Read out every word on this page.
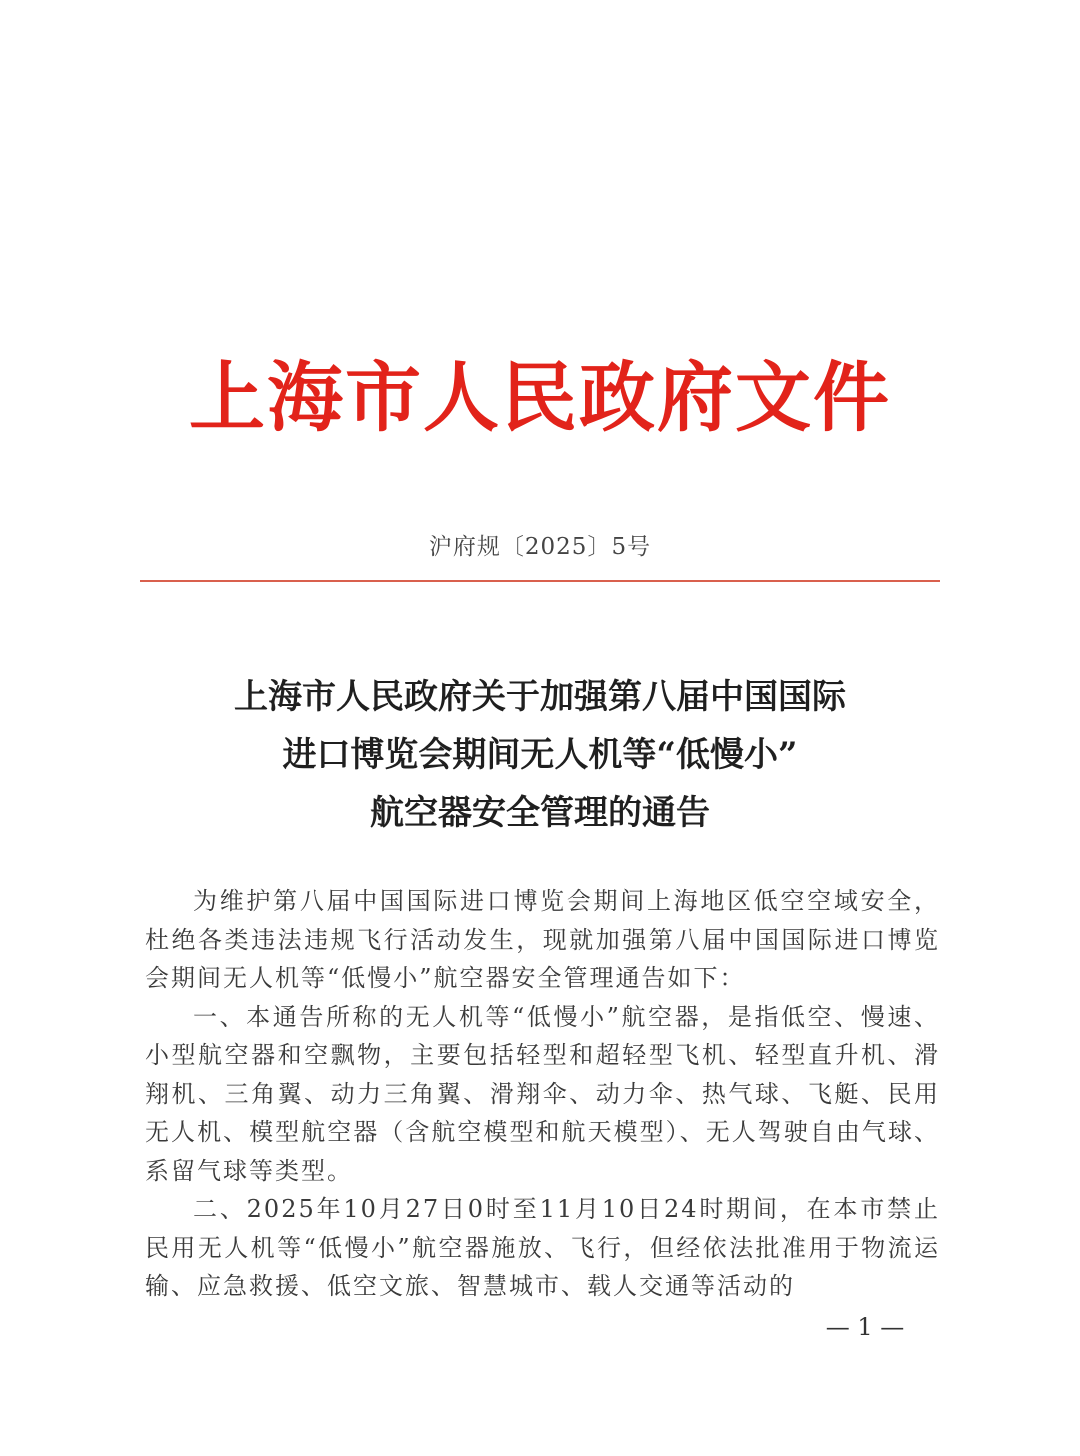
上海市人民政府文件
沪府规〔2025〕5号
上海市人民政府关于加强第八届中国国际
进口博览会期间无人机等“低慢小”
航空器安全管理的通告

为维护第八届中国国际进口博览会期间上海地区低空空域安全，杜绝各类违法违规飞行活动发生，现就加强第八届中国国际进口博览会期间无人机等“低慢小”航空器安全管理通告如下：

一、本通告所称的无人机等“低慢小”航空器，是指低空、慢速、小型航空器和空飘物，主要包括轻型和超轻型飞机、轻型直升机、滑翔机、三角翼、动力三角翼、滑翔伞、动力伞、热气球、飞艇、民用无人机、模型航空器（含航空模型和航天模型）、无人驾驶自由气球、系留气球等类型。

二、2025年10月27日0时至11月10日24时期间，在本市禁止民用无人机等“低慢小”航空器施放、飞行，但经依法批准用于物流运输、应急救援、低空文旅、智慧城市、载人交通等活动的

— 1 —
